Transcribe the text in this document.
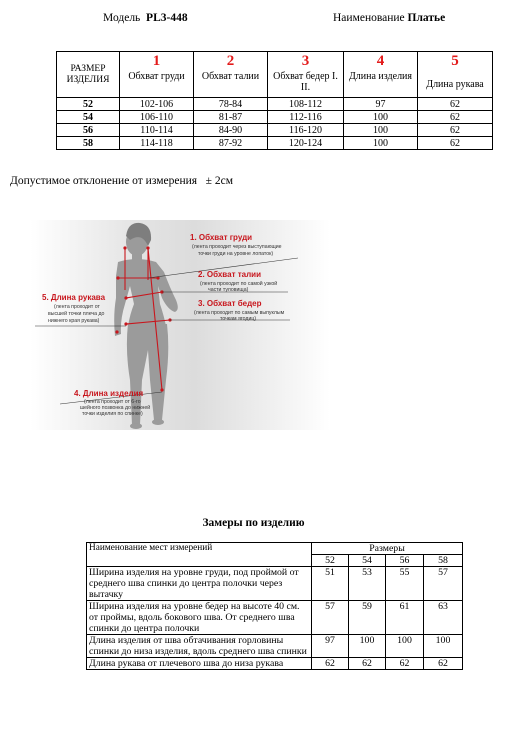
Модель PL3-448	Наименование Платье
РАЗМЕР ИЗДЕЛИЯ	1	2	3	4	5
	Обхват груди	Обхват талии	Обхват бедер I. II.	Длина изделия	Длина рукава
52	102-106	78-84	108-112	97	62
54	106-110	81-87	112-116	100	62
56	110-114	84-90	116-120	100	62
58	114-118	87-92	120-124	100	62
Допустимое отклонение от измерения ± 2см
1. Обхват груди
(лента проходит через выступающие
точки груди на уровне лопаток)
2. Обхват талии
(лента проходит по самой узкой
части туловища)
3. Обхват бедер
(лента проходит по самым выпуклым
точкам ягодиц)
5. Длина рукава
(лента проходит от
высшей точки плеча до
нижнего края рукава)
4. Длина изделия
(лента проходит от 6-го
шейного позвонка до нижней
точки изделия по спинке)
Замеры по изделию
Наименование мест измерений	Размеры			
	52	54	56	58
Ширина изделия на уровне груди, под проймой от среднего шва спинки до центра полочки через вытачку	51	53	55	57
Ширина изделия на уровне бедер на высоте 40 см. от проймы, вдоль бокового шва. От среднего шва спинки до центра полочки	57	59	61	63
Длина изделия от шва обтачивания горловины спинки до низа изделия, вдоль среднего шва спинки	97	100	100	100
Длина рукава от плечевого шва до низа рукава	62	62	62	62
